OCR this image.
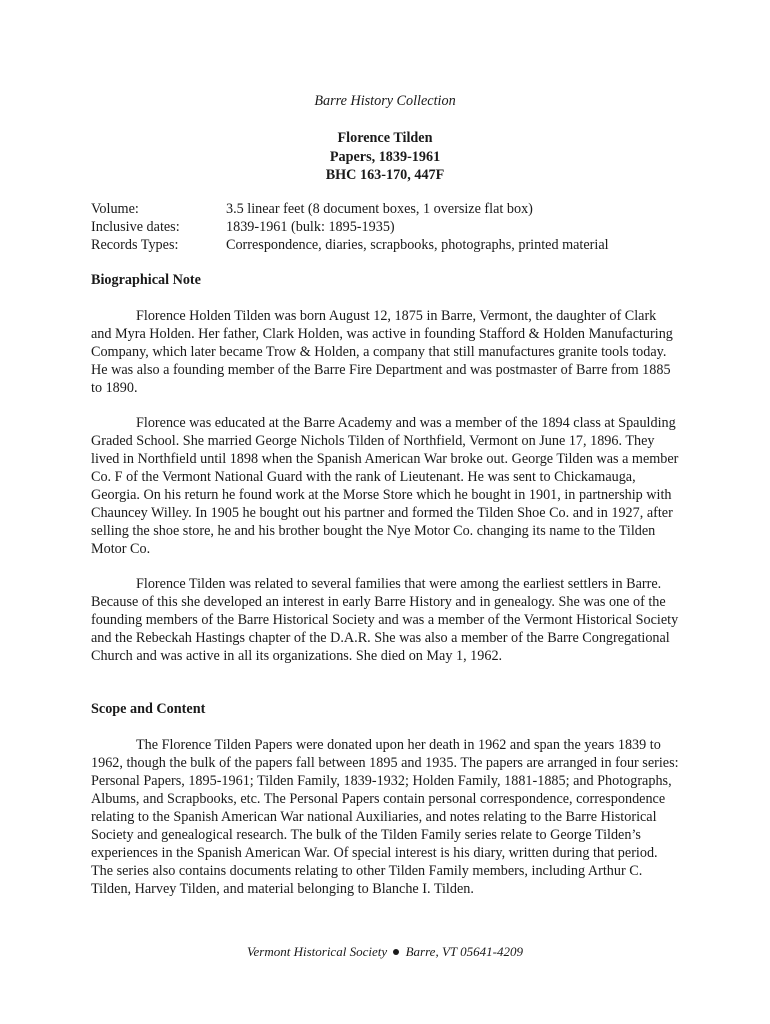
Barre History Collection
Florence Tilden
Papers, 1839-1961
BHC 163-170, 447F
Volume:	3.5 linear feet (8 document boxes, 1 oversize flat box)
Inclusive dates:	1839-1961 (bulk: 1895-1935)
Records Types:	Correspondence, diaries, scrapbooks, photographs, printed material
Biographical Note

Florence Holden Tilden was born August 12, 1875 in Barre, Vermont, the daughter of Clark and Myra Holden. Her father, Clark Holden, was active in founding Stafford & Holden Manufacturing Company, which later became Trow & Holden, a company that still manufactures granite tools today. He was also a founding member of the Barre Fire Department and was postmaster of Barre from 1885 to 1890.

Florence was educated at the Barre Academy and was a member of the 1894 class at Spaulding Graded School. She married George Nichols Tilden of Northfield, Vermont on June 17, 1896. They lived in Northfield until 1898 when the Spanish American War broke out. George Tilden was a member Co. F of the Vermont National Guard with the rank of Lieutenant. He was sent to Chickamauga, Georgia. On his return he found work at the Morse Store which he bought in 1901, in partnership with Chauncey Willey. In 1905 he bought out his partner and formed the Tilden Shoe Co. and in 1927, after selling the shoe store, he and his brother bought the Nye Motor Co. changing its name to the Tilden Motor Co.

Florence Tilden was related to several families that were among the earliest settlers in Barre. Because of this she developed an interest in early Barre History and in genealogy. She was one of the founding members of the Barre Historical Society and was a member of the Vermont Historical Society and the Rebeckah Hastings chapter of the D.A.R. She was also a member of the Barre Congregational Church and was active in all its organizations. She died on May 1, 1962.

Scope and Content

The Florence Tilden Papers were donated upon her death in 1962 and span the years 1839 to 1962, though the bulk of the papers fall between 1895 and 1935. The papers are arranged in four series: Personal Papers, 1895-1961; Tilden Family, 1839-1932; Holden Family, 1881-1885; and Photographs, Albums, and Scrapbooks, etc. The Personal Papers contain personal correspondence, correspondence relating to the Spanish American War national Auxiliaries, and notes relating to the Barre Historical Society and genealogical research. The bulk of the Tilden Family series relate to George Tilden’s experiences in the Spanish American War. Of special interest is his diary, written during that period. The series also contains documents relating to other Tilden Family members, including Arthur C. Tilden, Harvey Tilden, and material belonging to Blanche I. Tilden.

Vermont Historical Society Barre, VT 05641-4209
